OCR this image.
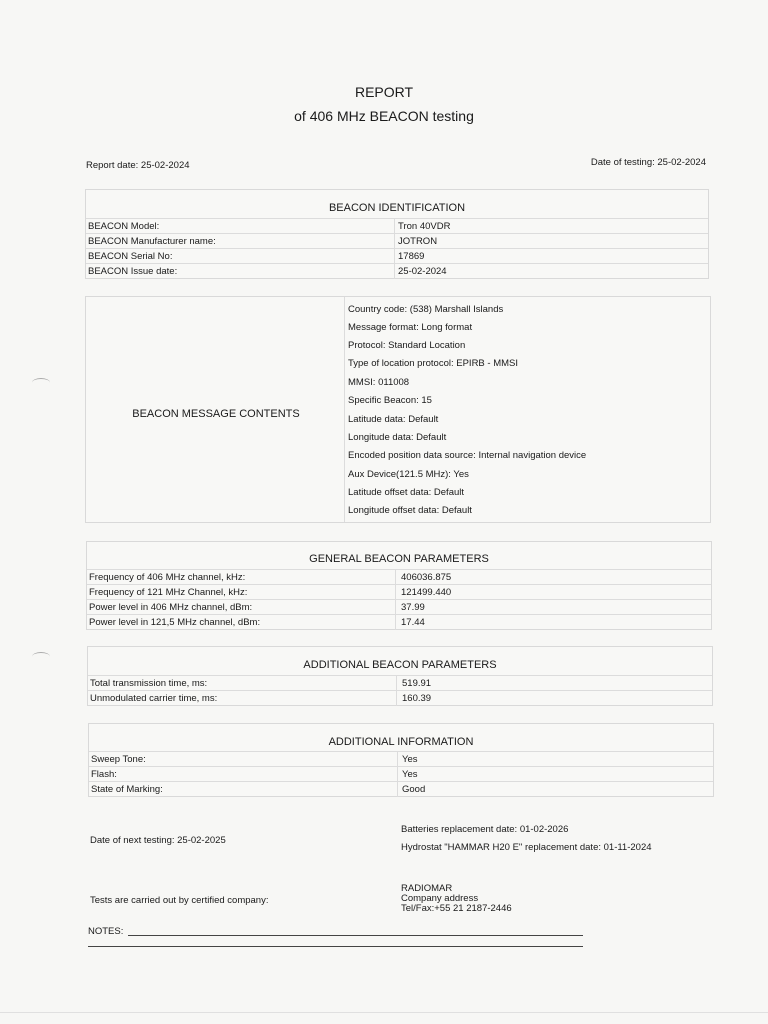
REPORT
of 406 MHz BEACON testing
Report date: 25-02-2024	Date of testing: 25-02-2024
BEACON IDENTIFICATION
BEACON Model:	Tron 40VDR
BEACON Manufacturer name:	JOTRON
BEACON Serial No:	17869
BEACON Issue date:	25-02-2024
BEACON MESSAGE CONTENTS
Country code: (538) Marshall Islands
Message format: Long format
Protocol: Standard Location
Type of location protocol: EPIRB - MMSI
MMSI: 011008
Specific Beacon: 15
Latitude data: Default
Longitude data: Default
Encoded position data source: Internal navigation device
Aux Device(121.5 MHz): Yes
Latitude offset data: Default
Longitude offset data: Default
GENERAL BEACON PARAMETERS
Frequency of 406 MHz channel, kHz:	406036.875
Frequency of 121 MHz Channel, kHz:	121499.440
Power level in 406 MHz channel, dBm:	37.99
Power level in 121,5 MHz channel, dBm:	17.44
ADDITIONAL BEACON PARAMETERS
Total transmission time, ms:	519.91
Unmodulated carrier time, ms:	160.39
ADDITIONAL INFORMATION
Sweep Tone:	Yes
Flash:	Yes
State of Marking:	Good
Date of next testing: 25-02-2025
Batteries replacement date: 01-02-2026
Hydrostat "HAMMAR H20 E" replacement date: 01-11-2024
Tests are carried out by certified company:
RADIOMAR
Company address
Tel/Fax:+55 21 2187-2446
NOTES:
